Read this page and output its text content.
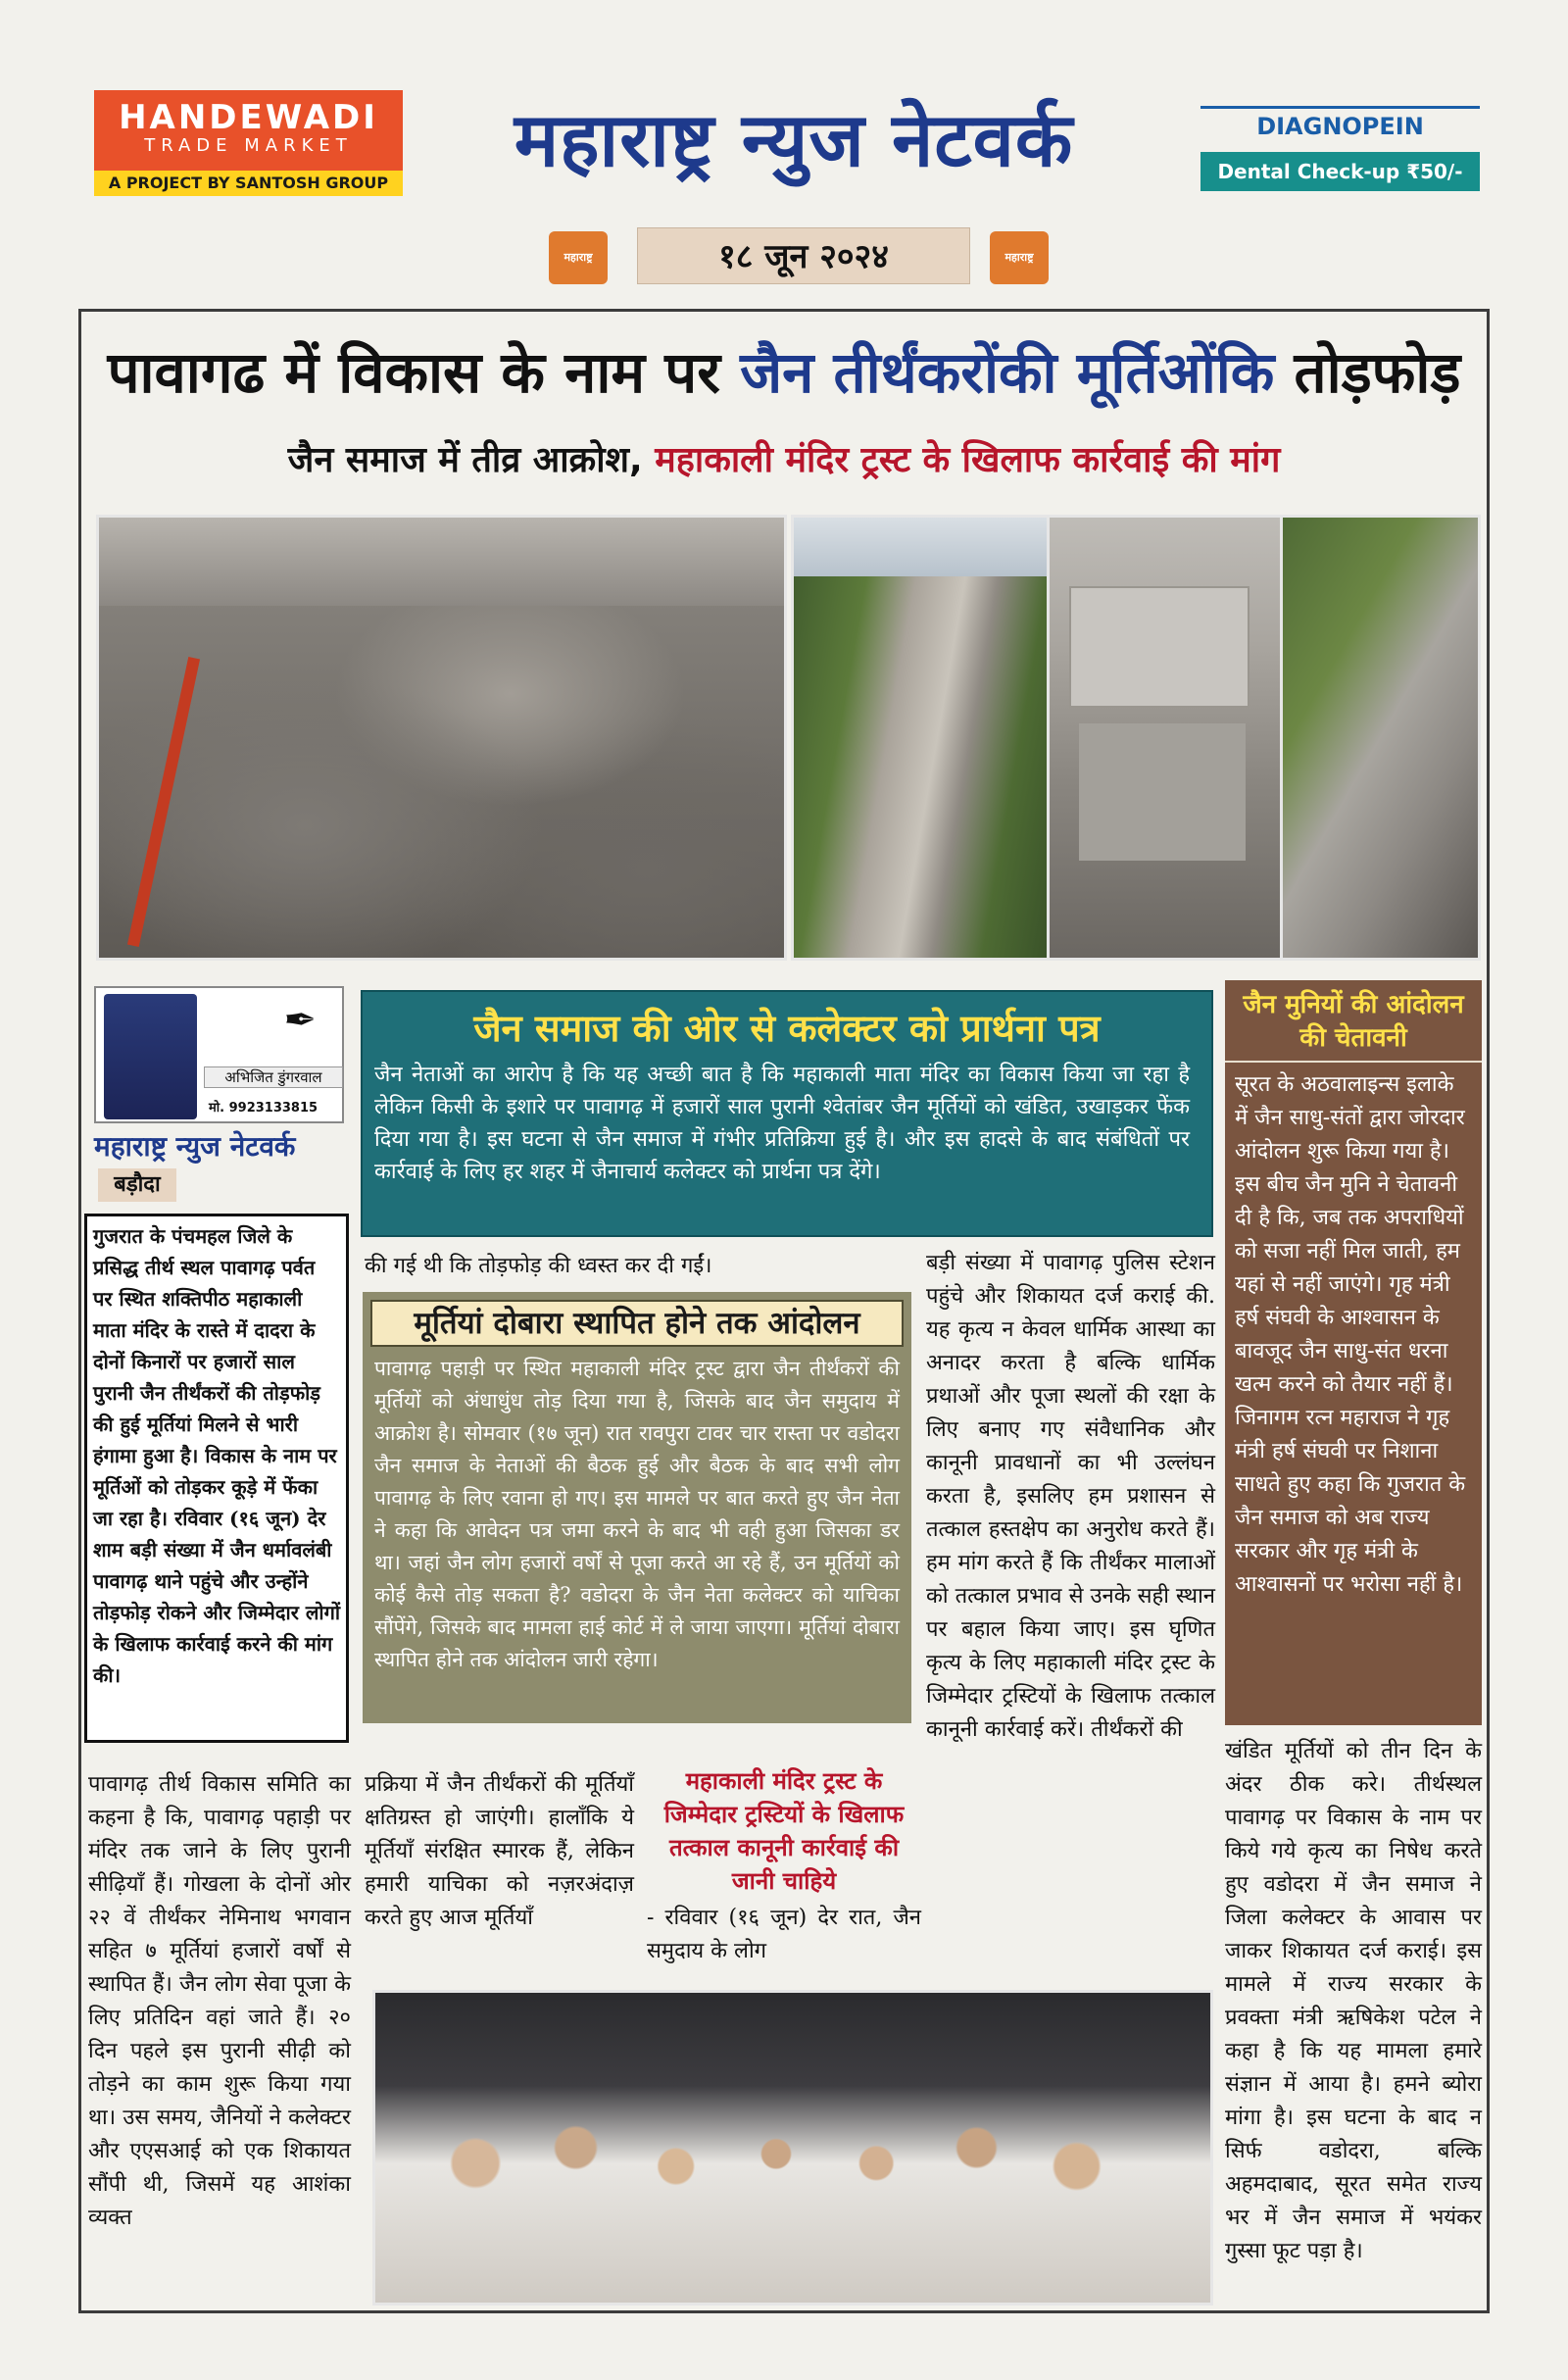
HANDEWADI
TRADE MARKET
A PROJECT BY SANTOSH GROUP	महाराष्ट्र न्युज नेटवर्क	DIAGNOPEIN
Dental Check-up ₹50/-
महाराष्ट्र	१८ जून २०२४	महाराष्ट्र
पावागढ में विकास के नाम पर जैन तीर्थंकरोंकी मूर्तिओंकि तोड़फोड़
जैन समाज में तीव्र आक्रोश, महाकाली मंदिर ट्रस्ट के खिलाफ कार्रवाई की मांग
✒
अभिजित डुंगरवाल
मो. 9923133815
महाराष्ट्र न्युज नेटवर्क
बड़ौदा
गुजरात के पंचमहल जिले के प्रसिद्ध तीर्थ स्थल पावागढ़ पर्वत पर स्थित शक्तिपीठ महाकाली माता मंदिर के रास्ते में दादरा के दोनों किनारों पर हजारों साल पुरानी जैन तीर्थंकरों की तोड़फोड़ की हुई मूर्तियां मिलने से भारी हंगामा हुआ है। विकास के नाम पर मूर्तिओं को तोड़कर कूड़े में फेंका जा रहा है। रविवार (१६ जून) देर शाम बड़ी संख्या में जैन धर्मावलंबी पावागढ़ थाने पहुंचे और उन्होंने तोड़फोड़ रोकने और जिम्मेदार लोगों के खिलाफ कार्रवाई करने की मांग की।
जैन समाज की ओर से कलेक्टर को प्रार्थना पत्र
जैन नेताओं का आरोप है कि यह अच्छी बात है कि महाकाली माता मंदिर का विकास किया जा रहा है लेकिन किसी के इशारे पर पावागढ़ में हजारों साल पुरानी श्वेतांबर जैन मूर्तियों को खंडित, उखाड़कर फेंक दिया गया है। इस घटना से जैन समाज में गंभीर प्रतिक्रिया हुई है। और इस हादसे के बाद संबंधितों पर कार्रवाई के लिए हर शहर में जैनाचार्य कलेक्टर को प्रार्थना पत्र देंगे।
जैन मुनियों की आंदोलन की चेतावनी
सूरत के अठवालाइन्स इलाके में जैन साधु-संतों द्वारा जोरदार आंदोलन शुरू किया गया है। इस बीच जैन मुनि ने चेतावनी दी है कि, जब तक अपराधियों को सजा नहीं मिल जाती, हम यहां से नहीं जाएंगे। गृह मंत्री हर्ष संघवी के आश्वासन के बावजूद जैन साधु-संत धरना खत्म करने को तैयार नहीं हैं। जिनागम रत्न महाराज ने गृह मंत्री हर्ष संघवी पर निशाना साधते हुए कहा कि गुजरात के जैन समाज को अब राज्य सरकार और गृह मंत्री के आश्वासनों पर भरोसा नहीं है।
की गई थी कि तोड़फोड़ की ध्वस्त कर दी गईं।
मूर्तियां दोबारा स्थापित होने तक आंदोलन
पावागढ़ पहाड़ी पर स्थित महाकाली मंदिर ट्रस्ट द्वारा जैन तीर्थंकरों की मूर्तियों को अंधाधुंध तोड़ दिया गया है, जिसके बाद जैन समुदाय में आक्रोश है। सोमवार (१७ जून) रात रावपुरा टावर चार रास्ता पर वडोदरा जैन समाज के नेताओं की बैठक हुई और बैठक के बाद सभी लोग पावागढ़ के लिए रवाना हो गए। इस मामले पर बात करते हुए जैन नेता ने कहा कि आवेदन पत्र जमा करने के बाद भी वही हुआ जिसका डर था। जहां जैन लोग हजारों वर्षों से पूजा करते आ रहे हैं, उन मूर्तियों को कोई कैसे तोड़ सकता है? वडोदरा के जैन नेता कलेक्टर को याचिका सौंपेंगे, जिसके बाद मामला हाई कोर्ट में ले जाया जाएगा। मूर्तियां दोबारा स्थापित होने तक आंदोलन जारी रहेगा।
बड़ी संख्या में पावागढ़ पुलिस स्टेशन पहुंचे और शिकायत दर्ज कराई की. यह कृत्य न केवल धार्मिक आस्था का अनादर करता है बल्कि धार्मिक प्रथाओं और पूजा स्थलों की रक्षा के लिए बनाए गए संवैधानिक और कानूनी प्रावधानों का भी उल्लंघन करता है, इसलिए हम प्रशासन से तत्काल हस्तक्षेप का अनुरोध करते हैं। हम मांग करते हैं कि तीर्थंकर मालाओं को तत्काल प्रभाव से उनके सही स्थान पर बहाल किया जाए। इस घृणित कृत्य के लिए महाकाली मंदिर ट्रस्ट के जिम्मेदार ट्रस्टियों के खिलाफ तत्काल कानूनी कार्रवाई करें। तीर्थंकरों की
पावागढ़ तीर्थ विकास समिति का कहना है कि, पावागढ़ पहाड़ी पर मंदिर तक जाने के लिए पुरानी सीढ़ियाँ हैं। गोखला के दोनों ओर २२ वें तीर्थंकर नेमिनाथ भगवान सहित ७ मूर्तियां हजारों वर्षों से स्थापित हैं। जैन लोग सेवा पूजा के लिए प्रतिदिन वहां जाते हैं। २० दिन पहले इस पुरानी सीढ़ी को तोड़ने का काम शुरू किया गया था। उस समय, जैनियों ने कलेक्टर और एएसआई को एक शिकायत सौंपी थी, जिसमें यह आशंका व्यक्त
प्रक्रिया में जैन तीर्थंकरों की मूर्तियाँ क्षतिग्रस्त हो जाएंगी। हालाँकि ये मूर्तियाँ संरक्षित स्मारक हैं, लेकिन हमारी याचिका को नज़रअंदाज़ करते हुए आज मूर्तियाँ
महाकाली मंदिर ट्रस्ट के जिम्मेदार ट्रस्टियों के खिलाफ तत्काल कानूनी कार्रवाई की जानी चाहिये
- रविवार (१६ जून) देर रात, जैन समुदाय के लोग
खंडित मूर्तियों को तीन दिन के अंदर ठीक करे। तीर्थस्थल पावागढ़ पर विकास के नाम पर किये गये कृत्य का निषेध करते हुए वडोदरा में जैन समाज ने जिला कलेक्टर के आवास पर जाकर शिकायत दर्ज कराई। इस मामले में राज्य सरकार के प्रवक्ता मंत्री ऋषिकेश पटेल ने कहा है कि यह मामला हमारे संज्ञान में आया है। हमने ब्योरा मांगा है। इस घटना के बाद न सिर्फ वडोदरा, बल्कि अहमदाबाद, सूरत समेत राज्य भर में जैन समाज में भयंकर गुस्सा फूट पड़ा है।
